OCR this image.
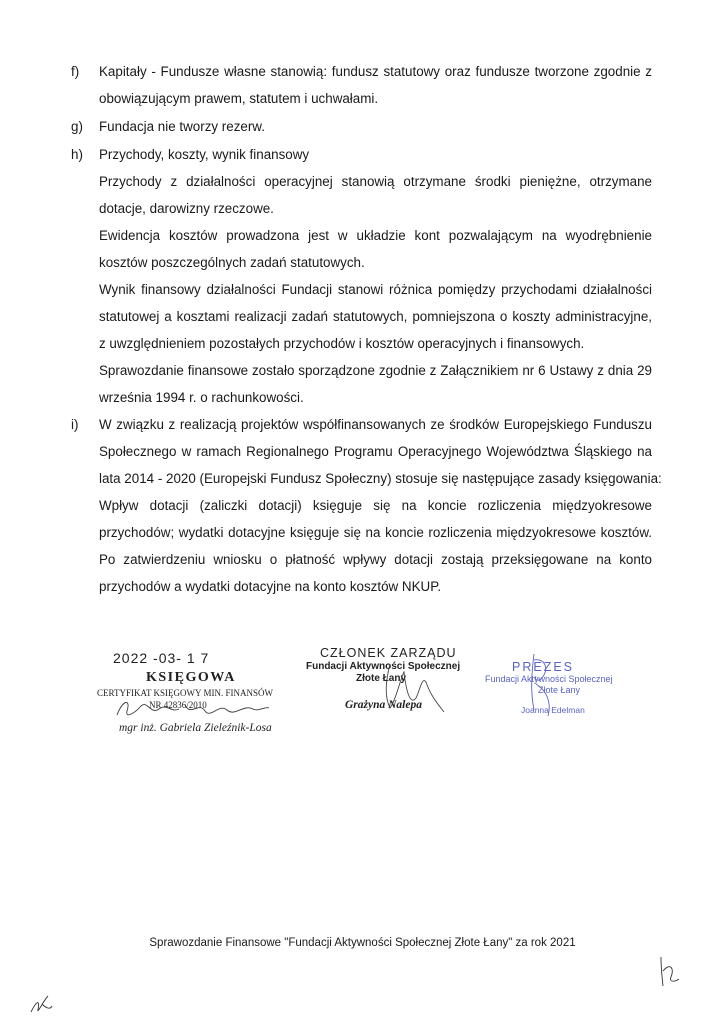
f) Kapitały - Fundusze własne stanowią: fundusz statutowy oraz fundusze tworzone zgodnie z
obowiązującym prawem, statutem i uchwałami.
g) Fundacja nie tworzy rezerw.
h) Przychody, koszty, wynik finansowy
Przychody z działalności operacyjnej stanowią otrzymane środki pieniężne, otrzymane
dotacje, darowizny rzeczowe.
Ewidencja kosztów prowadzona jest w układzie kont pozwalającym na wyodrębnienie
kosztów poszczególnych zadań statutowych.
Wynik finansowy działalności Fundacji stanowi różnica pomiędzy przychodami działalności
statutowej a kosztami realizacji zadań statutowych, pomniejszona o koszty administracyjne,
z uwzględnieniem pozostałych przychodów i kosztów operacyjnych i finansowych.
Sprawozdanie finansowe zostało sporządzone zgodnie z Załącznikiem nr 6 Ustawy z dnia 29
września 1994 r. o rachunkowości.
i) W związku z realizacją projektów współfinansowanych ze środków Europejskiego Funduszu
Społecznego w ramach Regionalnego Programu Operacyjnego Województwa Śląskiego na
lata 2014 - 2020 (Europejski Fundusz Społeczny) stosuje się następujące zasady księgowania:
Wpływ dotacji (zaliczki dotacji) księguje się na koncie rozliczenia międzyokresowe
przychodów; wydatki dotacyjne księguje się na koncie rozliczenia międzyokresowe kosztów.
Po zatwierdzeniu wniosku o płatność wpływy dotacji zostają przeksięgowane na konto
przychodów a wydatki dotacyjne na konto kosztów NKUP.
2022 -03- 1 7
KSIĘGOWA
CERTYFIKAT KSIĘGOWY MIN. FINANSÓW
NR 42836/2010
mgr inż. Gabriela Zieleźnik-Losa
CZŁONEK ZARZĄDU
Fundacji Aktywności Społecznej
Złote Łany
Grażyna Nalepa
PREZES
Fundacji Aktywności Społecznej
Złote Łany
Joanna Edelman
Sprawozdanie Finansowe "Fundacji Aktywności Społecznej Złote Łany" za rok 2021
